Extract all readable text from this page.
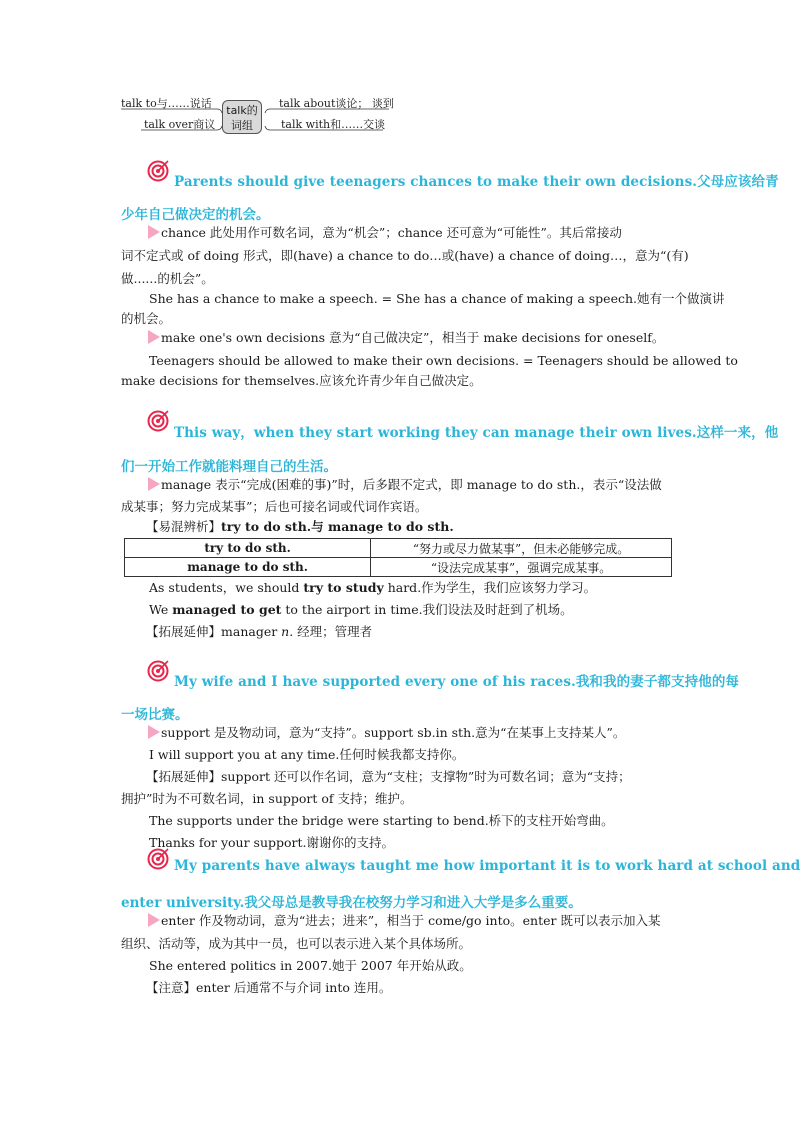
talk to与……说话
talk over商议
talk的
词组
talk about谈论； 谈到
talk with和……交谈
Parents should give teenagers chances to make their own decisions.父母应该给青
少年自己做决定的机会。
chance 此处用作可数名词，意为“机会”；chance 还可意为“可能性”。其后常接动
词不定式或 of doing 形式，即(have) a chance to do…或(have) a chance of doing…，意为“(有)
做......的机会”。
She has a chance to make a speech. = She has a chance of making a speech.她有一个做演讲
的机会。
make one's own decisions 意为“自己做决定”，相当于 make decisions for oneself。
Teenagers should be allowed to make their own decisions. = Teenagers should be allowed to
make decisions for themselves.应该允许青少年自己做决定。
This way，when they start working they can manage their own lives.这样一来，他
们一开始工作就能料理自己的生活。
manage 表示“完成(困难的事)”时，后多跟不定式，即 manage to do sth.，表示“设法做
成某事；努力完成某事”；后也可接名词或代词作宾语。
【易混辨析】try to do sth.与 manage to do sth.
try to do sth.	“努力或尽力做某事”，但未必能够完成。
manage to do sth.	“设法完成某事”，强调完成某事。
As students，we should try to study hard.作为学生，我们应该努力学习。
We managed to get to the airport in time.我们设法及时赶到了机场。
【拓展延伸】manager n. 经理；管理者
My wife and I have supported every one of his races.我和我的妻子都支持他的每
一场比赛。
support 是及物动词，意为“支持”。support sb.in sth.意为“在某事上支持某人”。
I will support you at any time.任何时候我都支持你。
【拓展延伸】support 还可以作名词，意为“支柱；支撑物”时为可数名词；意为“支持；
拥护”时为不可数名词，in support of 支持；维护。
The supports under the bridge were starting to bend.桥下的支柱开始弯曲。
Thanks for your support.谢谢你的支持。
My parents have always taught me how important it is to work hard at school and
enter university.我父母总是教导我在校努力学习和进入大学是多么重要。
enter 作及物动词，意为“进去；进来”，相当于 come/go into。enter 既可以表示加入某
组织、活动等，成为其中一员，也可以表示进入某个具体场所。
She entered politics in 2007.她于 2007 年开始从政。
【注意】enter 后通常不与介词 into 连用。
